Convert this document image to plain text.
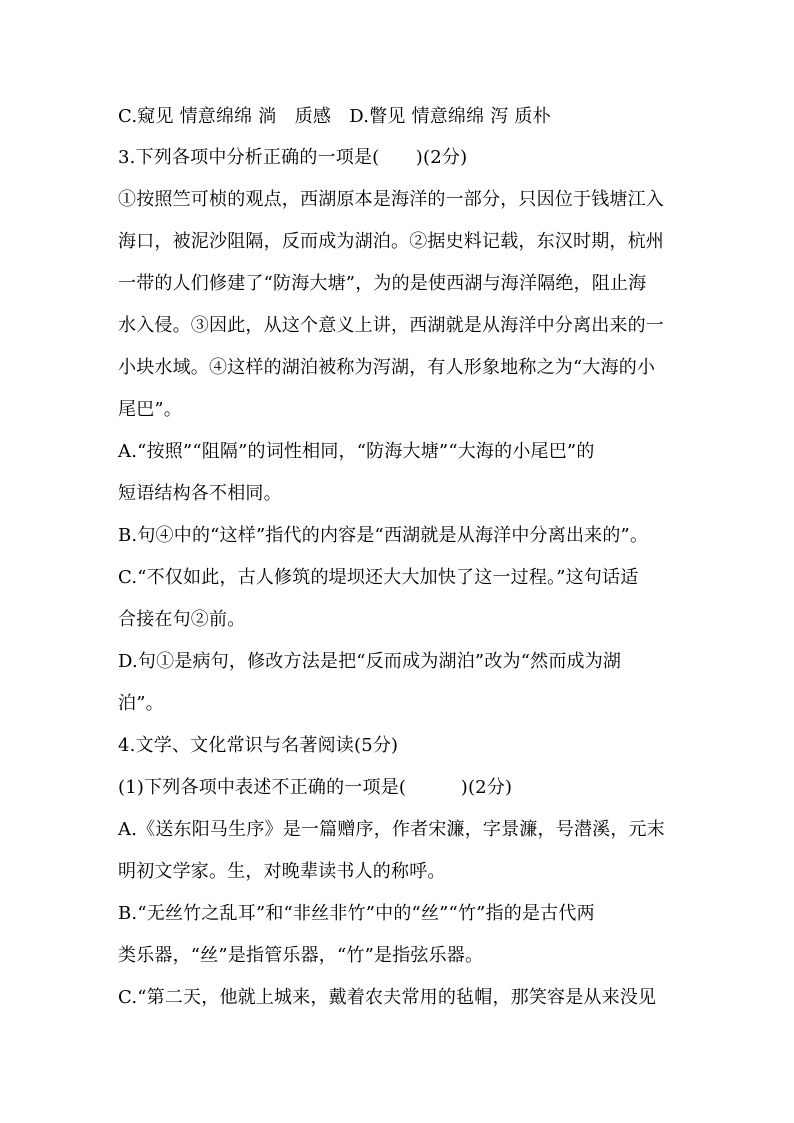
C.窥见 情意绵绵 淌　质感　D.瞥见 情意绵绵 泻 质朴
3.下列各项中分析正确的一项是(　　)(2分)
①按照竺可桢的观点，西湖原本是海洋的一部分，只因位于钱塘江入
海口，被泥沙阻隔，反而成为湖泊。②据史料记载，东汉时期，杭州
一带的人们修建了“防海大塘”，为的是使西湖与海洋隔绝，阻止海
水入侵。③因此，从这个意义上讲，西湖就是从海洋中分离出来的一
小块水域。④这样的湖泊被称为泻湖，有人形象地称之为“大海的小
尾巴”。
A.“按照”“阻隔”的词性相同，“防海大塘”“大海的小尾巴”的
短语结构各不相同。
B.句④中的“这样”指代的内容是“西湖就是从海洋中分离出来的”。
C.“不仅如此，古人修筑的堤坝还大大加快了这一过程。”这句话适
合接在句②前。
D.句①是病句，修改方法是把“反而成为湖泊”改为“然而成为湖
泊”。
4.文学、文化常识与名著阅读(5分)
(1)下列各项中表述不正确的一项是(　　　)(2分)
A.《送东阳马生序》是一篇赠序，作者宋濂，字景濂，号潜溪，元末
明初文学家。生，对晚辈读书人的称呼。
B.“无丝竹之乱耳”和“非丝非竹”中的“丝”“竹”指的是古代两
类乐器，“丝”是指管乐器，“竹”是指弦乐器。
C.“第二天，他就上城来，戴着农夫常用的毡帽，那笑容是从来没见
